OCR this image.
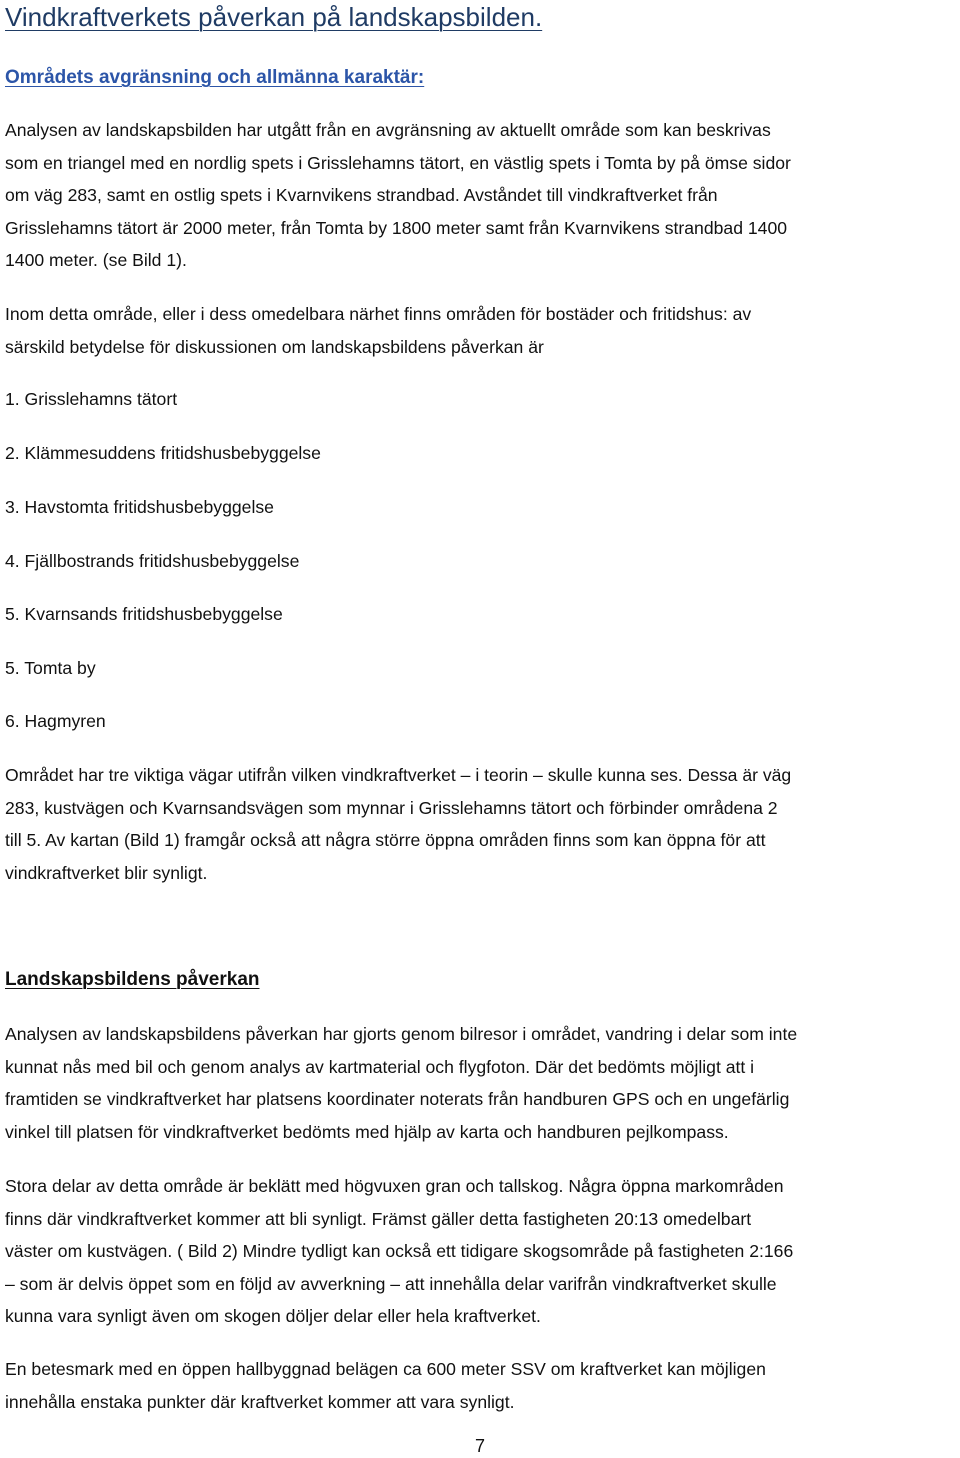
Vindkraftverkets påverkan på landskapsbilden.
Områdets avgränsning och allmänna karaktär:

Analysen av landskapsbilden har utgått från en avgränsning av aktuellt område som kan beskrivas
som en triangel med en nordlig spets i Grisslehamns tätort, en västlig spets i Tomta by på ömse sidor
om väg 283, samt en ostlig spets i Kvarnvikens strandbad. Avståndet till vindkraftverket från
Grisslehamns tätort är 2000 meter, från Tomta by 1800 meter samt från Kvarnvikens strandbad 1400
1400 meter. (se Bild 1).

Inom detta område, eller i dess omedelbara närhet finns områden för bostäder och fritidshus: av
särskild betydelse för diskussionen om landskapsbildens påverkan är

1. Grisslehamns tätort

2. Klämmesuddens fritidshusbebyggelse

3. Havstomta fritidshusbebyggelse

4. Fjällbostrands fritidshusbebyggelse

5. Kvarnsands fritidshusbebyggelse

5. Tomta by

6. Hagmyren

Området har tre viktiga vägar utifrån vilken vindkraftverket – i teorin – skulle kunna ses. Dessa är väg
283, kustvägen och Kvarnsandsvägen som mynnar i Grisslehamns tätort och förbinder områdena 2
till 5. Av kartan (Bild 1) framgår också att några större öppna områden finns som kan öppna för att
vindkraftverket blir synligt.

Landskapsbildens påverkan

Analysen av landskapsbildens påverkan har gjorts genom bilresor i området, vandring i delar som inte
kunnat nås med bil och genom analys av kartmaterial och flygfoton. Där det bedömts möjligt att i
framtiden se vindkraftverket har platsens koordinater noterats från handburen GPS och en ungefärlig
vinkel till platsen för vindkraftverket bedömts med hjälp av karta och handburen pejlkompass.

Stora delar av detta område är beklätt med högvuxen gran och tallskog. Några öppna markområden
finns där vindkraftverket kommer att bli synligt. Främst gäller detta fastigheten 20:13 omedelbart
väster om kustvägen. ( Bild 2) Mindre tydligt kan också ett tidigare skogsområde på fastigheten 2:166
– som är delvis öppet som en följd av avverkning – att innehålla delar varifrån vindkraftverket skulle
kunna vara synligt även om skogen döljer delar eller hela kraftverket.

En betesmark med en öppen hallbyggnad belägen ca 600 meter SSV om kraftverket kan möjligen
innehålla enstaka punkter där kraftverket kommer att vara synligt.

7
